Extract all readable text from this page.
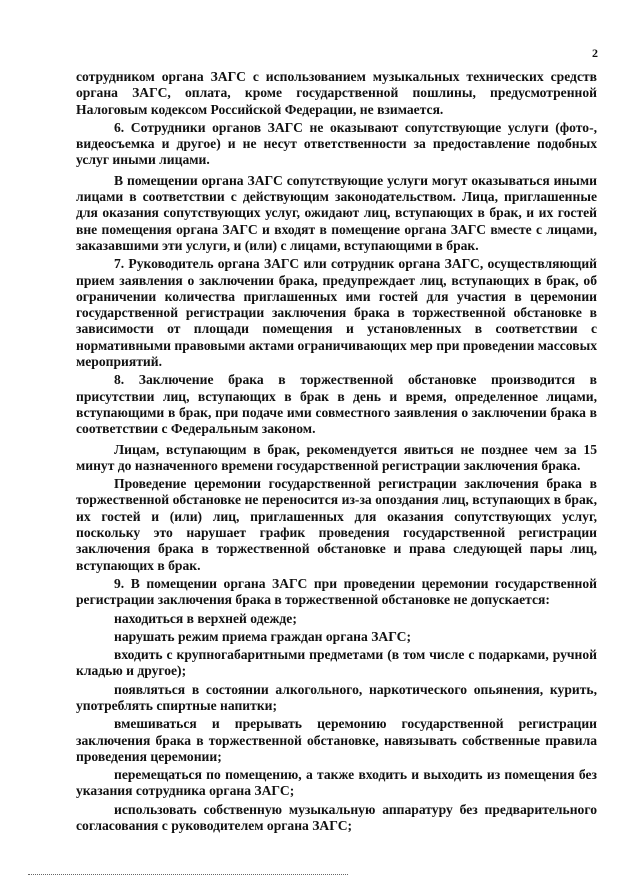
2

сотрудником органа ЗАГС с использованием музыкальных технических средств органа ЗАГС, оплата, кроме государственной пошлины, предусмотренной Налоговым кодексом Российской Федерации, не взимается.

6. Сотрудники органов ЗАГС не оказывают сопутствующие услуги (фото-, видеосъемка и другое) и не несут ответственности за предоставление подобных услуг иными лицами.

В помещении органа ЗАГС сопутствующие услуги могут оказываться иными лицами в соответствии с действующим законодательством. Лица, приглашенные для оказания сопутствующих услуг, ожидают лиц, вступающих в брак, и их гостей вне помещения органа ЗАГС и входят в помещение органа ЗАГС вместе с лицами, заказавшими эти услуги, и (или) с лицами, вступающими в брак.

7. Руководитель органа ЗАГС или сотрудник органа ЗАГС, осуществляющий прием заявления о заключении брака, предупреждает лиц, вступающих в брак, об ограничении количества приглашенных ими гостей для участия в церемонии государственной регистрации заключения брака в торжественной обстановке в зависимости от площади помещения и установленных в соответствии с нормативными правовыми актами ограничивающих мер при проведении массовых мероприятий.

8. Заключение брака в торжественной обстановке производится в присутствии лиц, вступающих в брак в день и время, определенное лицами, вступающими в брак, при подаче ими совместного заявления о заключении брака в соответствии с Федеральным законом.

Лицам, вступающим в брак, рекомендуется явиться не позднее чем за 15 минут до назначенного времени государственной регистрации заключения брака.

Проведение церемонии государственной регистрации заключения брака в торжественной обстановке не переносится из-за опоздания лиц, вступающих в брак, их гостей и (или) лиц, приглашенных для оказания сопутствующих услуг, поскольку это нарушает график проведения государственной регистрации заключения брака в торжественной обстановке и права следующей пары лиц, вступающих в брак.

9. В помещении органа ЗАГС при проведении церемонии государственной регистрации заключения брака в торжественной обстановке не допускается:

находиться в верхней одежде;

нарушать режим приема граждан органа ЗАГС;

входить с крупногабаритными предметами (в том числе с подарками, ручной кладью и другое);

появляться в состоянии алкогольного, наркотического опьянения, курить, употреблять спиртные напитки;

вмешиваться и прерывать церемонию государственной регистрации заключения брака в торжественной обстановке, навязывать собственные правила проведения церемонии;

перемещаться по помещению, а также входить и выходить из помещения без указания сотрудника органа ЗАГС;

использовать собственную музыкальную аппаратуру без предварительного согласования с руководителем органа ЗАГС;
